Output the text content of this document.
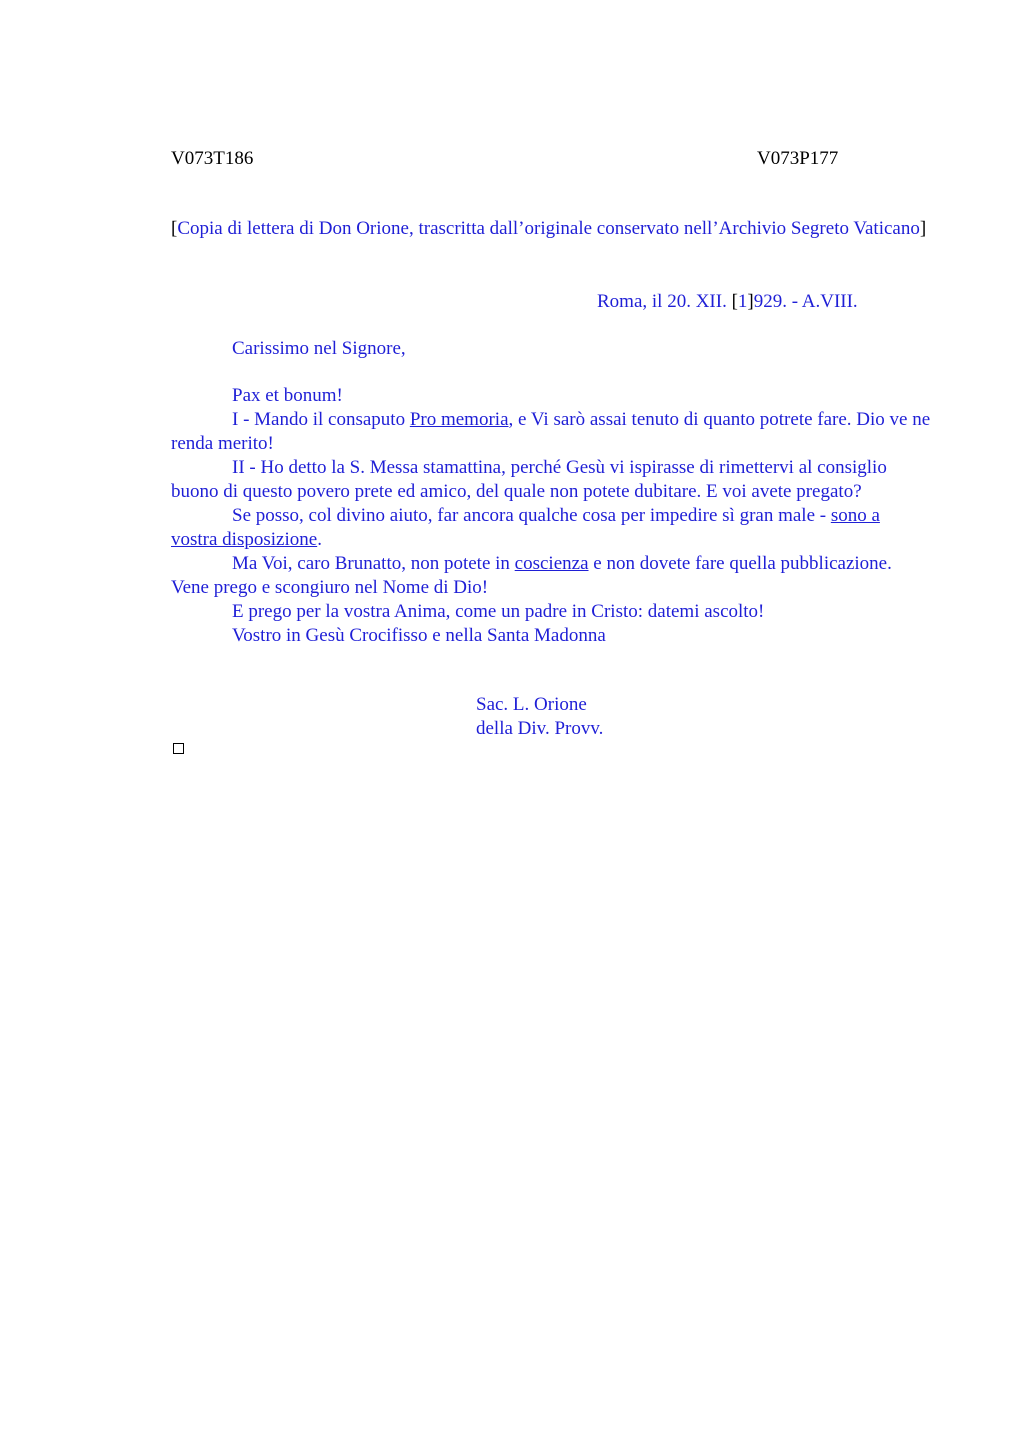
V073T186	V073P177

[Copia di lettera di Don Orione, trascritta dall’originale conservato nell’Archivio Segreto Vaticano]

Roma, il 20. XII. [1]929. - A.VIII.

Carissimo nel Signore,

Pax et bonum!
I - Mando il consaputo Pro memoria, e Vi sarò assai tenuto di quanto potrete fare. Dio ve ne renda merito!
II - Ho detto la S. Messa stamattina, perché Gesù vi ispirasse di rimettervi al consiglio buono di questo povero prete ed amico, del quale non potete dubitare. E voi avete pregato?
Se posso, col divino aiuto, far ancora qualche cosa per impedire sì gran male - sono a vostra disposizione.
Ma Voi, caro Brunatto, non potete in coscienza e non dovete fare quella pubblicazione. Vene prego e scongiuro nel Nome di Dio!
E prego per la vostra Anima, come un padre in Cristo: datemi ascolto!
Vostro in Gesù Crocifisso e nella Santa Madonna
Sac. L. Orione
della Div. Provv.
